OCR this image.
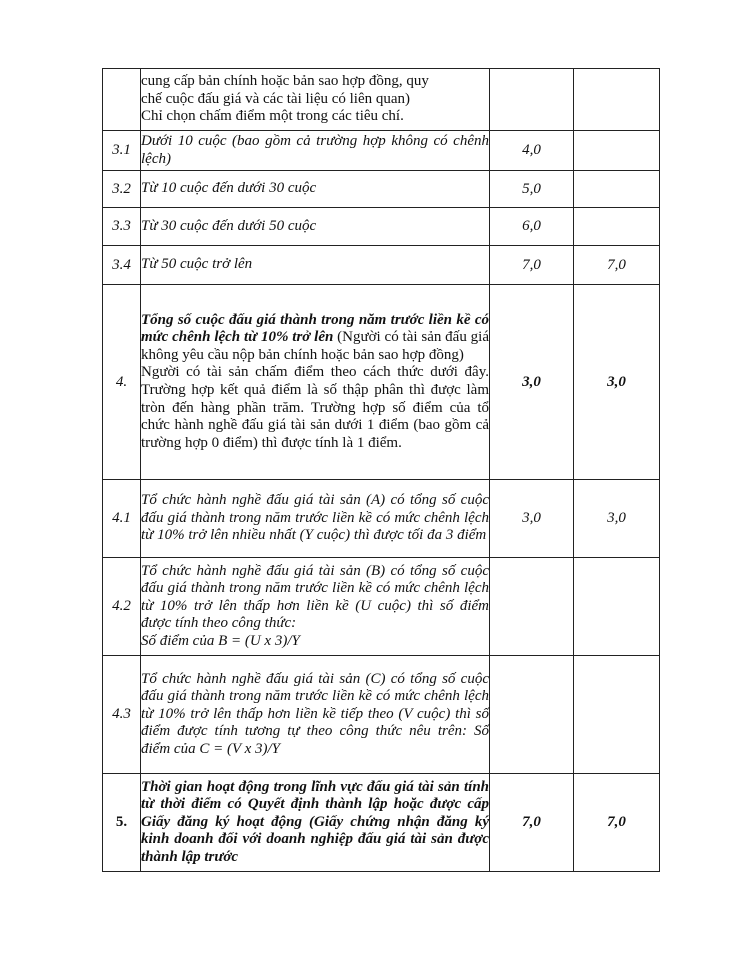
	cung cấp bản chính hoặc bản sao hợp đồng, quy
chế cuộc đấu giá và các tài liệu có liên quan)
Chỉ chọn chấm điểm một trong các tiêu chí.		

3.1	Dưới 10 cuộc (bao gồm cả trường hợp không có chênh lệch)	4,0	
3.2	Từ 10 cuộc đến dưới 30 cuộc	5,0	
3.3	Từ 30 cuộc đến dưới 50 cuộc	6,0	
3.4	Từ 50 cuộc trở lên	7,0	7,0
4.	Tổng số cuộc đấu giá thành trong năm trước liền kề có mức chênh lệch từ 10% trở lên (Người có tài sản đấu giá không yêu cầu nộp bản chính hoặc bản sao hợp đồng)
Người có tài sản chấm điểm theo cách thức dưới đây. Trường hợp kết quả điểm là số thập phân thì được làm tròn đến hàng phần trăm. Trường hợp số điểm của tổ chức hành nghề đấu giá tài sản dưới 1 điểm (bao gồm cả trường hợp 0 điểm) thì được tính là 1 điểm.	3,0	3,0
4.1	Tổ chức hành nghề đấu giá tài sản (A) có tổng số cuộc đấu giá thành trong năm trước liền kề có mức chênh lệch từ 10% trở lên nhiều nhất (Y cuộc) thì được tối đa 3 điểm	3,0	3,0
4.2	Tổ chức hành nghề đấu giá tài sản (B) có tổng số cuộc đấu giá thành trong năm trước liền kề có mức chênh lệch từ 10% trở lên thấp hơn liền kề (U cuộc) thì số điểm được tính theo công thức:
Số điểm của B = (U x 3)/Y		

4.3	Tổ chức hành nghề đấu giá tài sản (C) có tổng số cuộc đấu giá thành trong năm trước liền kề có mức chênh lệch từ 10% trở lên thấp hơn liền kề tiếp theo (V cuộc) thì số điểm được tính tương tự theo công thức nêu trên: Số điểm của C = (V x 3)/Y		
5.	Thời gian hoạt động trong lĩnh vực đấu giá tài sản tính từ thời điểm có Quyết định thành lập hoặc được cấp Giấy đăng ký hoạt động (Giấy chứng nhận đăng ký kinh doanh đối với doanh nghiệp đấu giá tài sản được thành lập trước	7,0	7,0
